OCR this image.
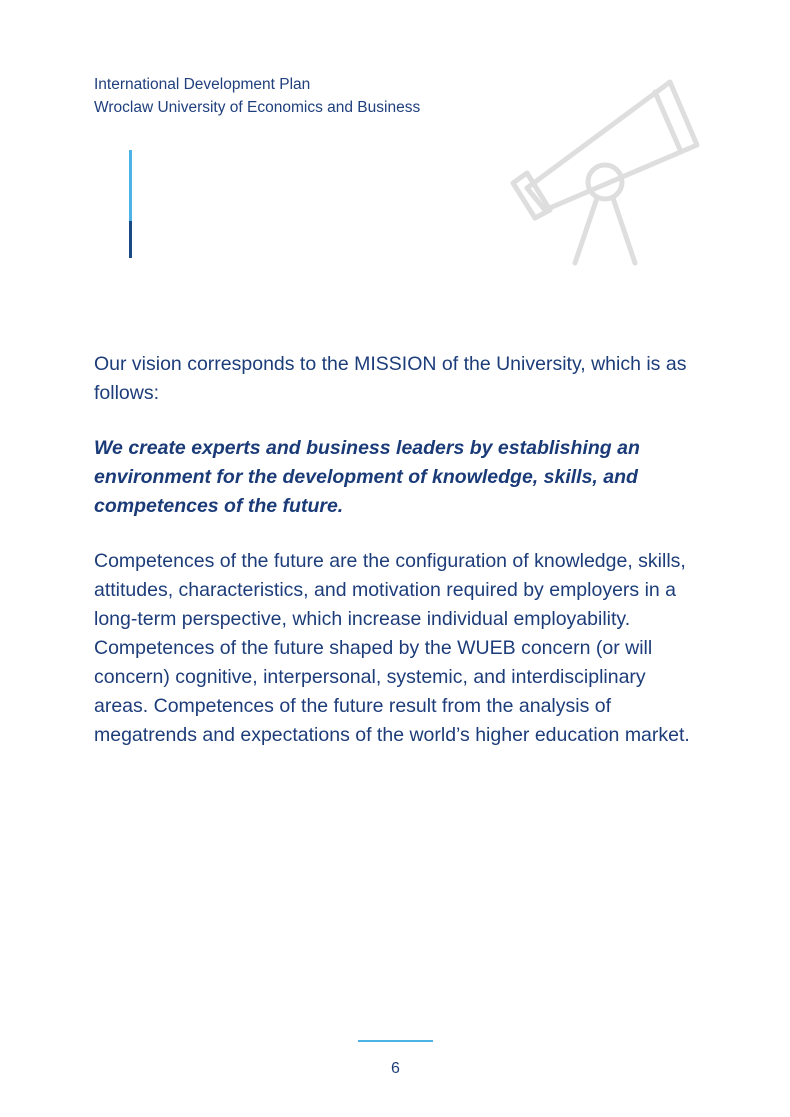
International Development Plan
Wroclaw University of Economics and Business

Our vision corresponds to the MISSION of the University, which is as follows:

We create experts and business leaders by establishing an environment for the development of knowledge, skills, and competences of the future.

Competences of the future are the configuration of knowledge, skills, attitudes, characteristics, and motivation required by employers in a long-term perspective, which increase individual employability. Competences of the future shaped by the WUEB concern (or will concern) cognitive, interpersonal, systemic, and interdisciplinary areas. Competences of the future result from the analysis of megatrends and expectations of the world’s higher education market.

6
